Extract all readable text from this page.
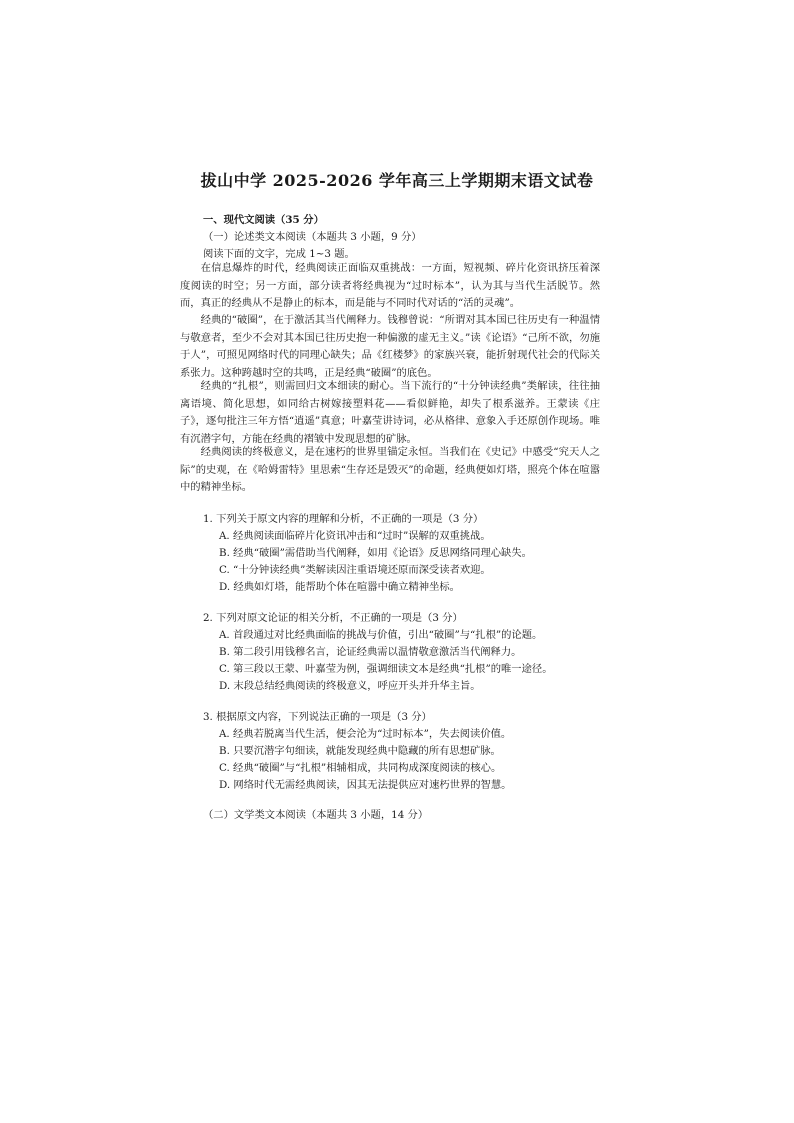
拔山中学 2025-2026 学年高三上学期期末语文试卷
一、现代文阅读（35 分）
（一）论述类文本阅读（本题共 3 小题，9 分）
阅读下面的文字，完成 1~3 题。
在信息爆炸的时代，经典阅读正面临双重挑战：一方面，短视频、碎片化资讯挤压着深度阅读的时空；另一方面，部分读者将经典视为“过时标本”，认为其与当代生活脱节。然而，真正的经典从不是静止的标本，而是能与不同时代对话的“活的灵魂”。
经典的“破圈”，在于激活其当代阐释力。钱穆曾说：“所谓对其本国已往历史有一种温情与敬意者，至少不会对其本国已往历史抱一种偏激的虚无主义。”读《论语》“己所不欲，勿施于人”，可照见网络时代的同理心缺失；品《红楼梦》的家族兴衰，能折射现代社会的代际关系张力。这种跨越时空的共鸣，正是经典“破圈”的底色。
经典的“扎根”，则需回归文本细读的耐心。当下流行的“十分钟读经典”类解读，往往抽离语境、简化思想，如同给古树嫁接塑料花——看似鲜艳，却失了根系滋养。王蒙读《庄子》，逐句批注三年方悟“逍遥”真意；叶嘉莹讲诗词，必从格律、意象入手还原创作现场。唯有沉潜字句，方能在经典的褶皱中发现思想的矿脉。
经典阅读的终极意义，是在速朽的世界里锚定永恒。当我们在《史记》中感受“究天人之际”的史观，在《哈姆雷特》里思索“生存还是毁灭”的命题，经典便如灯塔，照亮个体在喧嚣中的精神坐标。
1. 下列关于原文内容的理解和分析，不正确的一项是（3 分）
A. 经典阅读面临碎片化资讯冲击和“过时”误解的双重挑战。
B. 经典“破圈”需借助当代阐释，如用《论语》反思网络同理心缺失。
C. “十分钟读经典”类解读因注重语境还原而深受读者欢迎。
D. 经典如灯塔，能帮助个体在喧嚣中确立精神坐标。
2. 下列对原文论证的相关分析，不正确的一项是（3 分）
A. 首段通过对比经典面临的挑战与价值，引出“破圈”与“扎根”的论题。
B. 第二段引用钱穆名言，论证经典需以温情敬意激活当代阐释力。
C. 第三段以王蒙、叶嘉莹为例，强调细读文本是经典“扎根”的唯一途径。
D. 末段总结经典阅读的终极意义，呼应开头并升华主旨。
3. 根据原文内容，下列说法正确的一项是（3 分）
A. 经典若脱离当代生活，便会沦为“过时标本”，失去阅读价值。
B. 只要沉潜字句细读，就能发现经典中隐藏的所有思想矿脉。
C. 经典“破圈”与“扎根”相辅相成，共同构成深度阅读的核心。
D. 网络时代无需经典阅读，因其无法提供应对速朽世界的智慧。
（二）文学类文本阅读（本题共 3 小题，14 分）
